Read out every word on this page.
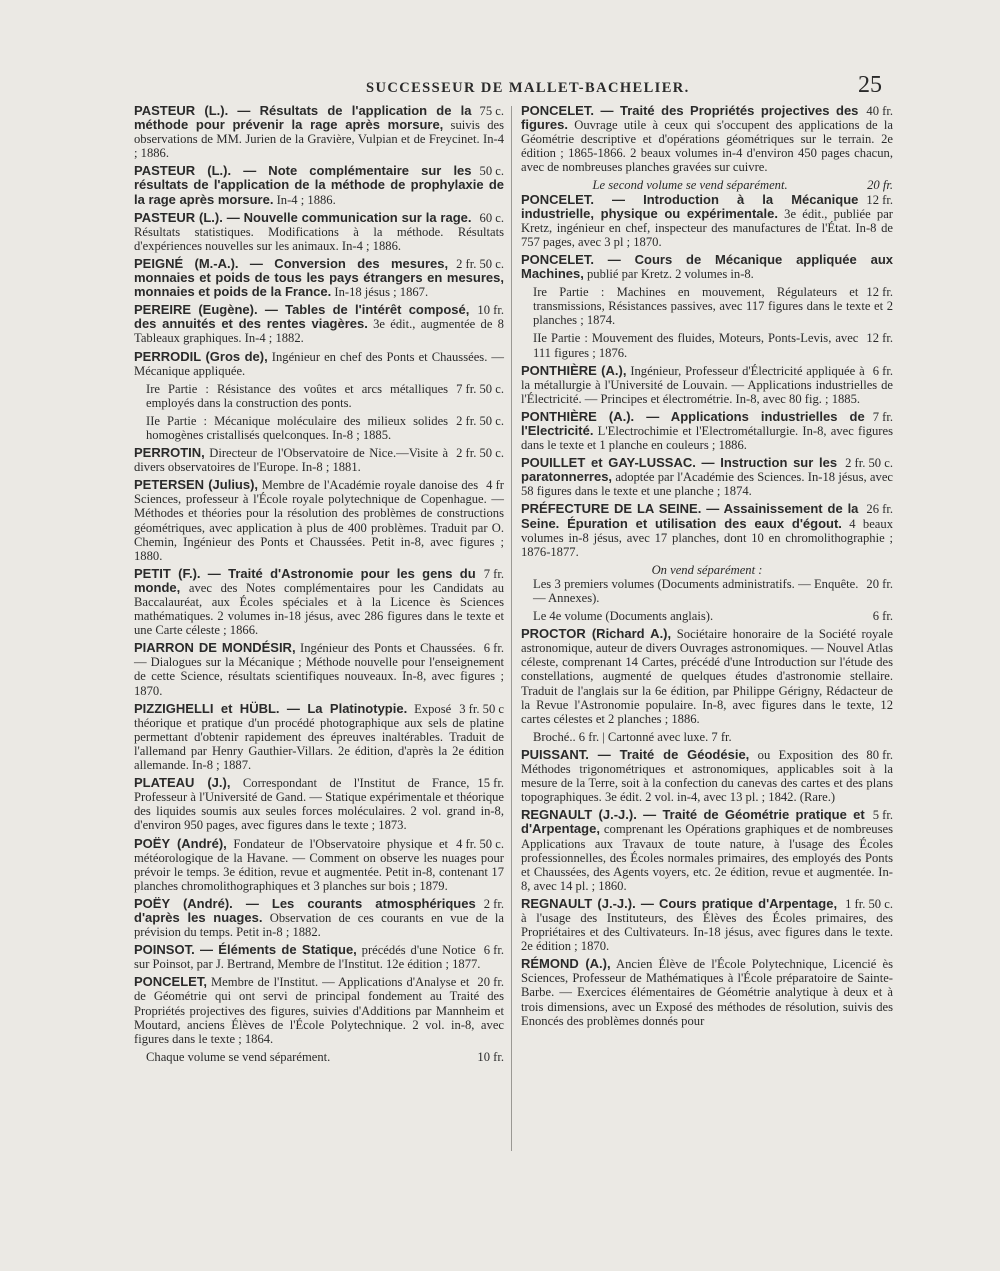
SUCCESSEUR DE MALLET-BACHELIER.	25
75 c.
PASTEUR (L.). — Résultats de l'application de la méthode pour prévenir la rage après morsure, suivis des observations de MM. Jurien de la Gravière, Vulpian et de Freycinet. In-4 ; 1886.
50 c.
PASTEUR (L.). — Note complémentaire sur les résultats de l'application de la méthode de prophylaxie de la rage après morsure. In-4 ; 1886.
60 c.
PASTEUR (L.). — Nouvelle communication sur la rage. Résultats statistiques. Modifications à la méthode. Résultats d'expériences nouvelles sur les animaux. In-4 ; 1886.
2 fr. 50 c.
PEIGNÉ (M.-A.). — Conversion des mesures, monnaies et poids de tous les pays étrangers en mesures, monnaies et poids de la France. In-18 jésus ; 1867.
10 fr.
PEREIRE (Eugène). — Tables de l'intérêt composé, des annuités et des rentes viagères. 3e édit., augmentée de 8 Tableaux graphiques. In-4 ; 1882.
PERRODIL (Gros de), Ingénieur en chef des Ponts et Chaussées. — Mécanique appliquée.
7 fr. 50 c.
Ire Partie : Résistance des voûtes et arcs métalliques employés dans la construction des ponts.
2 fr. 50 c.
IIe Partie : Mécanique moléculaire des milieux solides homogènes cristallisés quelconques. In-8 ; 1885.
2 fr. 50 c.
PERROTIN, Directeur de l'Observatoire de Nice.—Visite à divers observatoires de l'Europe. In-8 ; 1881.
4 fr
PETERSEN (Julius), Membre de l'Académie royale danoise des Sciences, professeur à l'École royale polytechnique de Copenhague. — Méthodes et théories pour la résolution des problèmes de constructions géométriques, avec application à plus de 400 problèmes. Traduit par O. Chemin, Ingénieur des Ponts et Chaussées. Petit in-8, avec figures ; 1880.
7 fr.
PETIT (F.). — Traité d'Astronomie pour les gens du monde, avec des Notes complémentaires pour les Candidats au Baccalauréat, aux Écoles spéciales et à la Licence ès Sciences mathématiques. 2 volumes in-18 jésus, avec 286 figures dans le texte et une Carte céleste ; 1866.
6 fr.
PIARRON DE MONDÉSIR, Ingénieur des Ponts et Chaussées. — Dialogues sur la Mécanique ; Méthode nouvelle pour l'enseignement de cette Science, résultats scientifiques nouveaux. In-8, avec figures ; 1870.
3 fr. 50 c
PIZZIGHELLI et HÜBL. — La Platinotypie. Exposé théorique et pratique d'un procédé photographique aux sels de platine permettant d'obtenir rapidement des épreuves inaltérables. Traduit de l'allemand par Henry Gauthier-Villars. 2e édition, d'après la 2e édition allemande. In-8 ; 1887.
15 fr.
PLATEAU (J.), Correspondant de l'Institut de France, Professeur à l'Université de Gand. — Statique expérimentale et théorique des liquides soumis aux seules forces moléculaires. 2 vol. grand in-8, d'environ 950 pages, avec figures dans le texte ; 1873.
4 fr. 50 c.
POËY (André), Fondateur de l'Observatoire physique et météorologique de la Havane. — Comment on observe les nuages pour prévoir le temps. 3e édition, revue et augmentée. Petit in-8, contenant 17 planches chromolithographiques et 3 planches sur bois ; 1879.
2 fr.
POËY (André). — Les courants atmosphériques d'après les nuages. Observation de ces courants en vue de la prévision du temps. Petit in-8 ; 1882.
6 fr.
POINSOT. — Éléments de Statique, précédés d'une Notice sur Poinsot, par J. Bertrand, Membre de l'Institut. 12e édition ; 1877.
20 fr.
PONCELET, Membre de l'Institut. — Applications d'Analyse et de Géométrie qui ont servi de principal fondement au Traité des Propriétés projectives des figures, suivies d'Additions par Mannheim et Moutard, anciens Élèves de l'École Polytechnique. 2 vol. in-8, avec figures dans le texte ; 1864.
10 fr.
Chaque volume se vend séparément.
40 fr.
PONCELET. — Traité des Propriétés projectives des figures. Ouvrage utile à ceux qui s'occupent des applications de la Géométrie descriptive et d'opérations géométriques sur le terrain. 2e édition ; 1865-1866. 2 beaux volumes in-4 d'environ 450 pages chacun, avec de nombreuses planches gravées sur cuivre.
Le second volume se vend séparément.	20 fr.
12 fr.
PONCELET. — Introduction à la Mécanique industrielle, physique ou expérimentale. 3e édit., publiée par Kretz, ingénieur en chef, inspecteur des manufactures de l'État. In-8 de 757 pages, avec 3 pl ; 1870.
PONCELET. — Cours de Mécanique appliquée aux Machines, publié par Kretz. 2 volumes in-8.
12 fr.
Ire Partie : Machines en mouvement, Régulateurs et transmissions, Résistances passives, avec 117 figures dans le texte et 2 planches ; 1874.
12 fr.
IIe Partie : Mouvement des fluides, Moteurs, Ponts-Levis, avec 111 figures ; 1876.
6 fr.
PONTHIÈRE (A.), Ingénieur, Professeur d'Électricité appliquée à la métallurgie à l'Université de Louvain. — Applications industrielles de l'Électricité. — Principes et électrométrie. In-8, avec 80 fig. ; 1885.
7 fr.
PONTHIÈRE (A.). — Applications industrielles de l'Electricité. L'Electrochimie et l'Electrométallurgie. In-8, avec figures dans le texte et 1 planche en couleurs ; 1886.
2 fr. 50 c.
POUILLET et GAY-LUSSAC. — Instruction sur les paratonnerres, adoptée par l'Académie des Sciences. In-18 jésus, avec 58 figures dans le texte et une planche ; 1874.
26 fr.
PRÉFECTURE DE LA SEINE. — Assainissement de la Seine. Épuration et utilisation des eaux d'égout. 4 beaux volumes in-8 jésus, avec 17 planches, dont 10 en chromolithographie ; 1876-1877.
On vend séparément :
20 fr.
Les 3 premiers volumes (Documents administratifs. — Enquête. — Annexes).
6 fr.
Le 4e volume (Documents anglais).
PROCTOR (Richard A.), Sociétaire honoraire de la Société royale astronomique, auteur de divers Ouvrages astronomiques. — Nouvel Atlas céleste, comprenant 14 Cartes, précédé d'une Introduction sur l'étude des constellations, augmenté de quelques études d'astronomie stellaire. Traduit de l'anglais sur la 6e édition, par Philippe Gérigny, Rédacteur de la Revue l'Astronomie populaire. In-8, avec figures dans le texte, 12 cartes célestes et 2 planches ; 1886.
Broché.. 6 fr. | Cartonné avec luxe. 7 fr.
80 fr.
PUISSANT. — Traité de Géodésie, ou Exposition des Méthodes trigonométriques et astronomiques, applicables soit à la mesure de la Terre, soit à la confection du canevas des cartes et des plans topographiques. 3e édit. 2 vol. in-4, avec 13 pl. ; 1842. (Rare.)
5 fr.
REGNAULT (J.-J.). — Traité de Géométrie pratique et d'Arpentage, comprenant les Opérations graphiques et de nombreuses Applications aux Travaux de toute nature, à l'usage des Écoles professionnelles, des Écoles normales primaires, des employés des Ponts et Chaussées, des Agents voyers, etc. 2e édition, revue et augmentée. In-8, avec 14 pl. ; 1860.
1 fr. 50 c.
REGNAULT (J.-J.). — Cours pratique d'Arpentage, à l'usage des Instituteurs, des Élèves des Écoles primaires, des Propriétaires et des Cultivateurs. In-18 jésus, avec figures dans le texte. 2e édition ; 1870.
RÉMOND (A.), Ancien Élève de l'École Polytechnique, Licencié ès Sciences, Professeur de Mathématiques à l'École préparatoire de Sainte-Barbe. — Exercices élémentaires de Géométrie analytique à deux et à trois dimensions, avec un Exposé des méthodes de résolution, suivis des Enoncés des problèmes donnés pour
